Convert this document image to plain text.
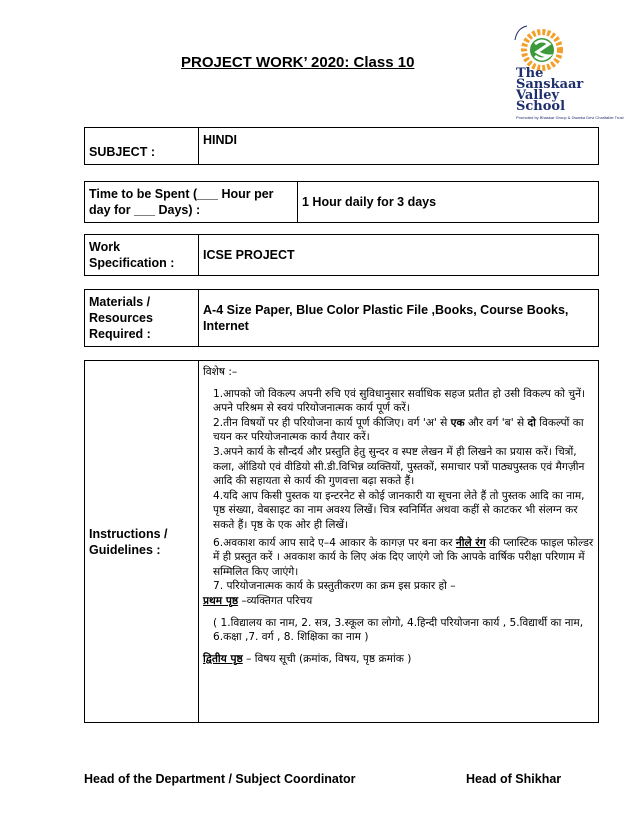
PROJECT WORK’ 2020: Class 10
The
Sanskaar
Valley
School
Promoted by Bhaskar Group & Dwarka Devi Charitable Trust
SUBJECT :	HINDI
Time to be Spent (___ Hour per day for ___ Days) :	1 Hour daily for 3 days
Work Specification :	ICSE PROJECT
Materials / Resources Required :	A-4 Size Paper, Blue Color Plastic File ,Books, Course Books, Internet
Instructions / Guidelines :	

विशेष :–

1.आपको जो विकल्प अपनी रुचि एवं सुविधानुसार सर्वाधिक सहज प्रतीत हो उसी विकल्प को चुनें। अपने परिश्रम से स्वयं परियोजनात्मक कार्य पूर्ण करें।

2.तीन विषयों पर ही परियोजना कार्य पूर्ण कीजिए। वर्ग 'अ' से एक और वर्ग 'ब' से दो विकल्पों का चयन कर परियोजनात्मक कार्य तैयार करें।

3.अपने कार्य के सौन्दर्य और प्रस्तुति हेतु सुन्दर व स्पष्ट लेखन में ही लिखने का प्रयास करें। चित्रों, कला, ऑडियो एवं वीडियो सी.डी.विभिन्न व्यक्तियों, पुस्तकों, समाचार पत्रों पाठ्यपुस्तक एवं मैगज़ीन आदि की सहायता से कार्य की गुणवत्ता बढ़ा सकते हैं।

4.यदि आप किसी पुस्तक या इन्टरनेट से कोई जानकारी या सूचना लेते हैं तो पुस्तक आदि का नाम, पृष्ठ संख्या, वेबसाइट का नाम अवश्य लिखें। चित्र स्वनिर्मित अथवा कहीं से काटकर भी संलग्न कर सकते हैं। पृष्ठ के एक ओर ही लिखें।

6.अवकाश कार्य आप सादे ए–4 आकार के कागज़ पर बना कर नीले रंग की प्लास्टिक फाइल फोल्डर में ही प्रस्तुत करें । अवकाश कार्य के लिए अंक दिए जाएंगे जो कि आपके वार्षिक परीक्षा परिणाम में सम्मिलित किए जाएंगे।

7. परियोजनात्मक कार्य के प्रस्तुतीकरण का क्रम इस प्रकार हो –

प्रथम पृष्ठ –व्यक्तिगत परिचय

( 1.विद्यालय का नाम, 2. सत्र, 3.स्कूल का लोगो, 4.हिन्दी परियोजना कार्य , 5.विद्यार्थी का नाम, 6.कक्षा ,7. वर्ग , 8. शिक्षिका का नाम )

द्वितीय पृष्ठ – विषय सूची (क्रमांक, विषय, पृष्ठ क्रमांक )

Head of the Department / Subject Coordinator	Head of Shikhar
